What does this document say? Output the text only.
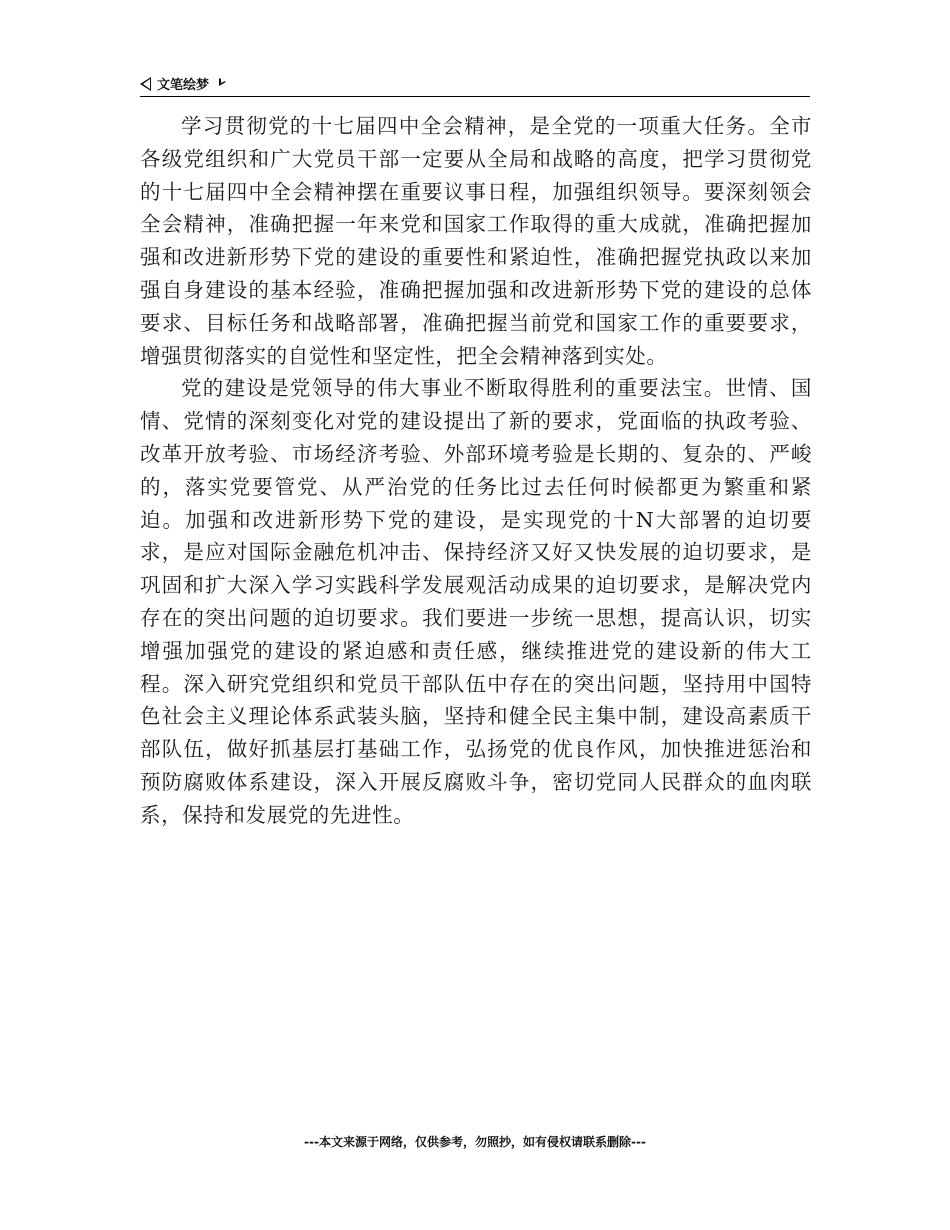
文笔绘梦

学习贯彻党的十七届四中全会精神，是全党的一项重大任务。全市各级党组织和广大党员干部一定要从全局和战略的高度，把学习贯彻党的十七届四中全会精神摆在重要议事日程，加强组织领导。要深刻领会全会精神，准确把握一年来党和国家工作取得的重大成就，准确把握加强和改进新形势下党的建设的重要性和紧迫性，准确把握党执政以来加强自身建设的基本经验，准确把握加强和改进新形势下党的建设的总体要求、目标任务和战略部署，准确把握当前党和国家工作的重要要求，增强贯彻落实的自觉性和坚定性，把全会精神落到实处。

党的建设是党领导的伟大事业不断取得胜利的重要法宝。世情、国情、党情的深刻变化对党的建设提出了新的要求，党面临的执政考验、改革开放考验、市场经济考验、外部环境考验是长期的、复杂的、严峻的，落实党要管党、从严治党的任务比过去任何时候都更为繁重和紧迫。加强和改进新形势下党的建设，是实现党的十N大部署的迫切要求，是应对国际金融危机冲击、保持经济又好又快发展的迫切要求，是巩固和扩大深入学习实践科学发展观活动成果的迫切要求，是解决党内存在的突出问题的迫切要求。我们要进一步统一思想，提高认识，切实增强加强党的建设的紧迫感和责任感，继续推进党的建设新的伟大工程。深入研究党组织和党员干部队伍中存在的突出问题，坚持用中国特色社会主义理论体系武装头脑，坚持和健全民主集中制，建设高素质干部队伍，做好抓基层打基础工作，弘扬党的优良作风，加快推进惩治和预防腐败体系建设，深入开展反腐败斗争，密切党同人民群众的血肉联系，保持和发展党的先进性。

---本文来源于网络，仅供参考，勿照抄，如有侵权请联系删除---
